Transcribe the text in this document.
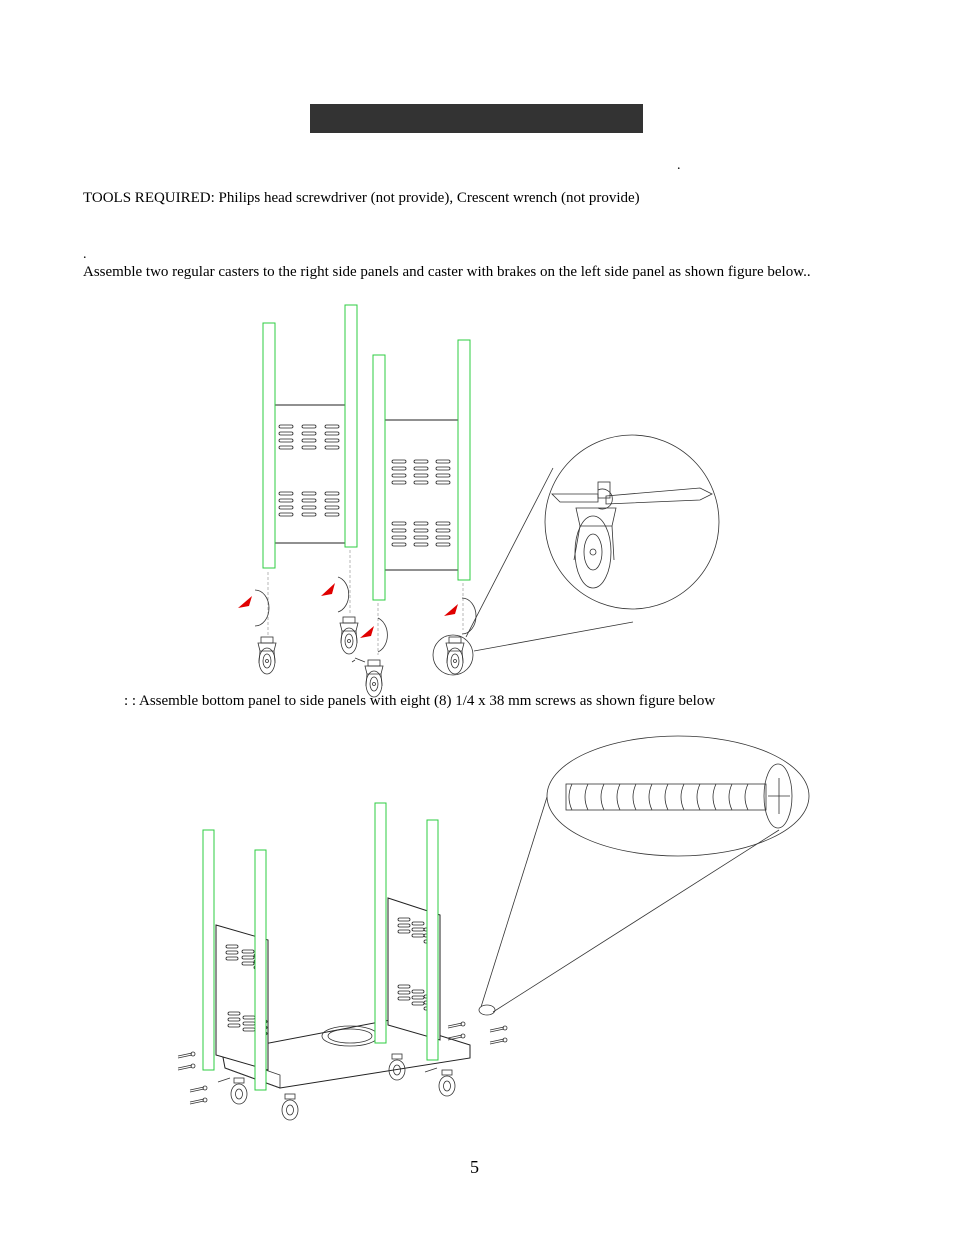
.
TOOLS REQUIRED: Philips head screwdriver (not provide), Crescent wrench (not provide)
.
Assemble two regular casters to the right side panels and caster with brakes on the left side panel as shown figure below..
: : Assemble bottom panel to side panels with eight (8) 1/4 x 38 mm screws as shown figure below
5
